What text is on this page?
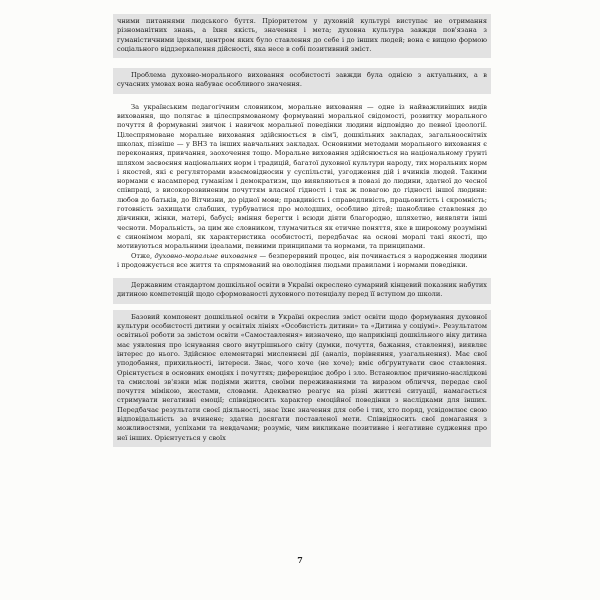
чними питаннями людського буття. Пріоритетом у духовній культурі виступає не отримання різноманітних знань, а їхня якість, значення і мета; духовна культура завжди пов'язана з гуманістичними ідеями, центром яких було ставлення до себе і до інших людей; вона є вищою формою соціального віддзеркалення дійсності, яка несе в собі позитивний зміст.

Проблема духовно-морального виховання особистості завжди була однією з актуальних, а в сучасних умовах вона набуває особливого значення.

За українським педагогічним словником, моральне виховання — одне із найважливіших видів виховання, що полягає в цілеспрямованому формуванні моральної свідомості, розвитку морального почуття й формуванні звичок і навичок моральної поведінки людини відповідно до певної ідеології. Цілеспрямоване моральне виховання здійснюється в сім'ї, дошкільних закладах, загальноосвітніх школах, пізніше — у ВНЗ та інших навчальних закладах. Основними методами морального виховання є переконання, привчання, заохочення тощо. Моральне виховання здійснюється на національному ґрунті шляхом засвоєння національних норм і традицій, багатої духовної культури народу, тих моральних норм і якостей, які є регуляторами взаємовідносин у суспільстві, узгодження дій і вчинків людей. Такими нормами є насамперед гуманізм і демократизм, що виявляються в повазі до людини, здатної до чесної співпраці, з високорозвиненим почуттям власної гідності і так ж повагою до гідності іншої людини: любов до батьків, до Вітчизни, до рідної мови; правдивість і справедливість, працьовитість і скромність; готовність захищати слабших, турбуватися про молодших, особливо дітей; шанобливе ставлення до дівчинки, жінки, матері, бабусі; вміння берегти і всюди діяти благородно, шляхетно, виявляти інші чесноти. Моральність, за цим же словником, тлумачиться як етичне поняття, яке в широкому розумінні є синонімом моралі, як характеристика особистості, передбачає на основі моралі такі якості, що мотивуються моральними ідеалами, певними принципами та нормами, та принципами.

Отже, духовно-моральне виховання — безперервний процес, він починається з народження людини і продовжується все життя та спрямований на оволодіння людьми правилами і нормами поведінки.

Державним стандартом дошкільної освіти в Україні окреслено сумарний кінцевий показник набутих дитиною компетенцій щодо сформованості духовного потенціалу перед її вступом до школи.

Базовий компонент дошкільної освіти в Україні окреслив зміст освіти щодо формування духовної культури особистості дитини у освітніх лініях «Особистість дитини» та «Дитина у соціумі». Результатом освітньої роботи за змістом освіти «Самоставлення» визначено, що наприкінці дошкільного віку дитина має уявлення про існування свого внутрішнього світу (думки, почуття, бажання, ставлення), виявляє інтерес до нього. Здійснює елементарні мисленнєві дії (аналіз, порівняння, узагальнення). Має свої уподобання, прихильності, інтереси. Знає, чого хоче (не хоче); вміє обґрунтувати своє ставлення. Орієнтується в основних емоціях і почуттях; диференціює добро і зло. Встановлює причинно-наслідкові та смислові зв'язки між подіями життя, своїми переживаннями та виразом обличчя, передає свої почуття мімікою, жестами, словами. Адекватно реагує на різні життєві ситуації, намагається стримувати негативні емоції; співвідносить характер емоційної поведінки з наслідками для інших. Передбачає результати своєї діяльності, знає їхнє значення для себе і тих, хто поряд, усвідомлює свою відповідальність за вчинене; здатна досягати поставленої мети. Співвідносить свої домагання з можливостями, успіхами та невдачами; розуміє, чим викликане позитивне і негативне судження про неї інших. Орієнтується у своїх

7
